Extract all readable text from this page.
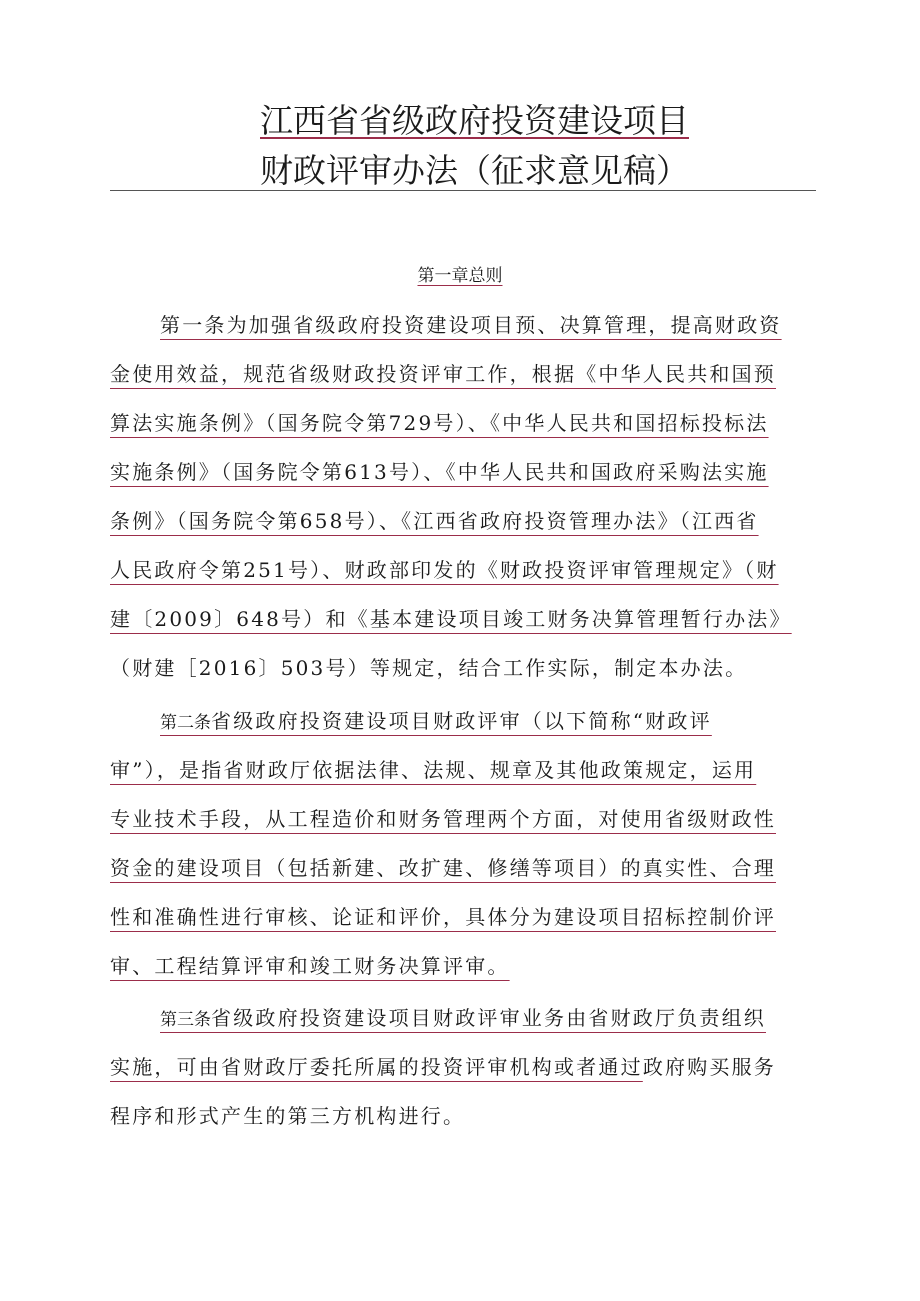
江西省省级政府投资建设项目
财政评审办法（征求意见稿）
第一章总则
第一条为加强省级政府投资建设项目预、决算管理，提高财政资
金使用效益，规范省级财政投资评审工作，根据《中华人民共和国预
算法实施条例》（国务院令第729号）、《中华人民共和国招标投标法
实施条例》（国务院令第613号）、《中华人民共和国政府采购法实施
条例》（国务院令第658号）、《江西省政府投资管理办法》（江西省
人民政府令第251号）、财政部印发的《财政投资评审管理规定》（财
建〔2009〕648号）和《基本建设项目竣工财务决算管理暂行办法》
（财建［2016〕503号）等规定，结合工作实际，制定本办法。
第二条省级政府投资建设项目财政评审（以下简称“财政评
审”），是指省财政厅依据法律、法规、规章及其他政策规定，运用
专业技术手段，从工程造价和财务管理两个方面，对使用省级财政性
资金的建设项目（包括新建、改扩建、修缮等项目）的真实性、合理
性和准确性进行审核、论证和评价，具体分为建设项目招标控制价评
审、工程结算评审和竣工财务决算评审。
第三条省级政府投资建设项目财政评审业务由省财政厅负责组织
实施，可由省财政厅委托所属的投资评审机构或者通过政府购买服务
程序和形式产生的第三方机构进行。
